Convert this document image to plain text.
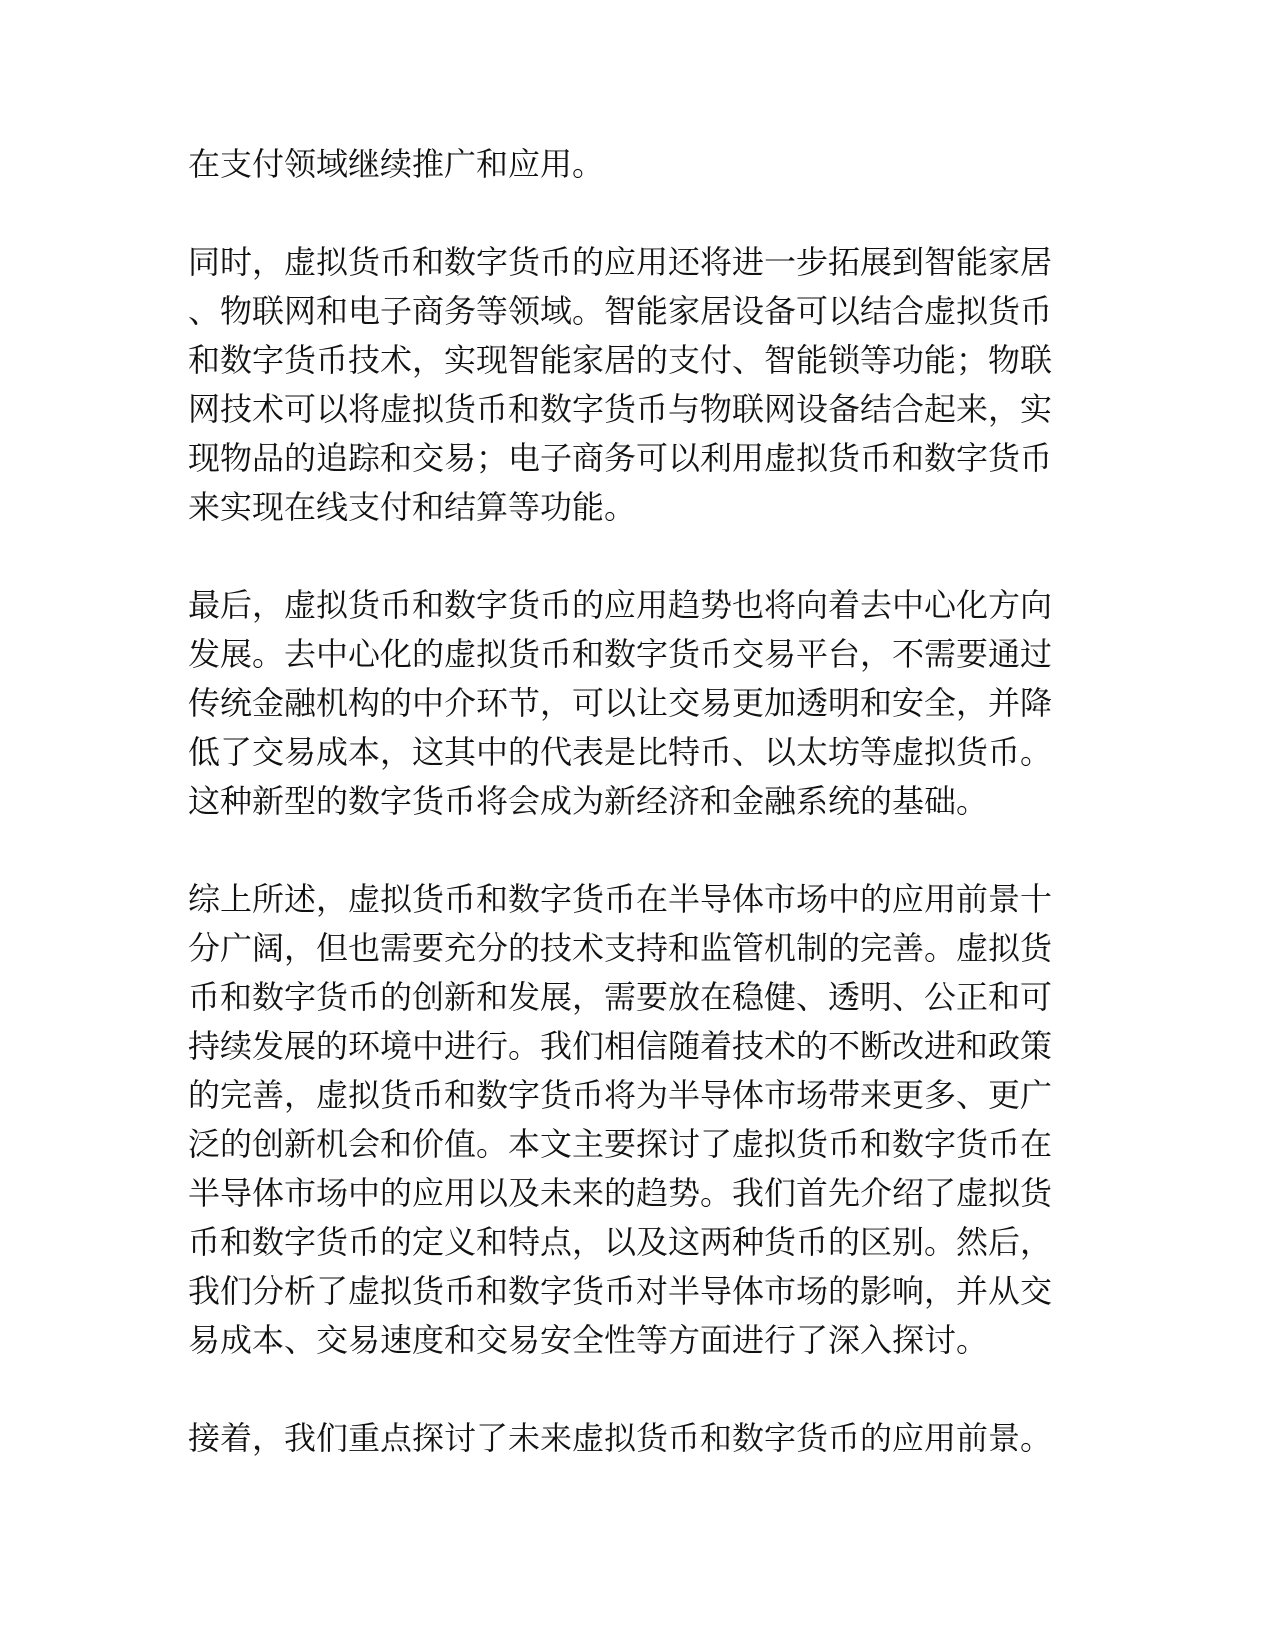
在支付领域继续推广和应用。

同时，虚拟货币和数字货币的应用还将进一步拓展到智能家居
、物联网和电子商务等领域。智能家居设备可以结合虚拟货币
和数字货币技术，实现智能家居的支付、智能锁等功能；物联
网技术可以将虚拟货币和数字货币与物联网设备结合起来，实
现物品的追踪和交易；电子商务可以利用虚拟货币和数字货币
来实现在线支付和结算等功能。

最后，虚拟货币和数字货币的应用趋势也将向着去中心化方向
发展。去中心化的虚拟货币和数字货币交易平台，不需要通过
传统金融机构的中介环节，可以让交易更加透明和安全，并降
低了交易成本，这其中的代表是比特币、以太坊等虚拟货币。
这种新型的数字货币将会成为新经济和金融系统的基础。

综上所述，虚拟货币和数字货币在半导体市场中的应用前景十
分广阔，但也需要充分的技术支持和监管机制的完善。虚拟货
币和数字货币的创新和发展，需要放在稳健、透明、公正和可
持续发展的环境中进行。我们相信随着技术的不断改进和政策
的完善，虚拟货币和数字货币将为半导体市场带来更多、更广
泛的创新机会和价值。本文主要探讨了虚拟货币和数字货币在
半导体市场中的应用以及未来的趋势。我们首先介绍了虚拟货
币和数字货币的定义和特点，以及这两种货币的区别。然后，
我们分析了虚拟货币和数字货币对半导体市场的影响，并从交
易成本、交易速度和交易安全性等方面进行了深入探讨。

接着，我们重点探讨了未来虚拟货币和数字货币的应用前景。
